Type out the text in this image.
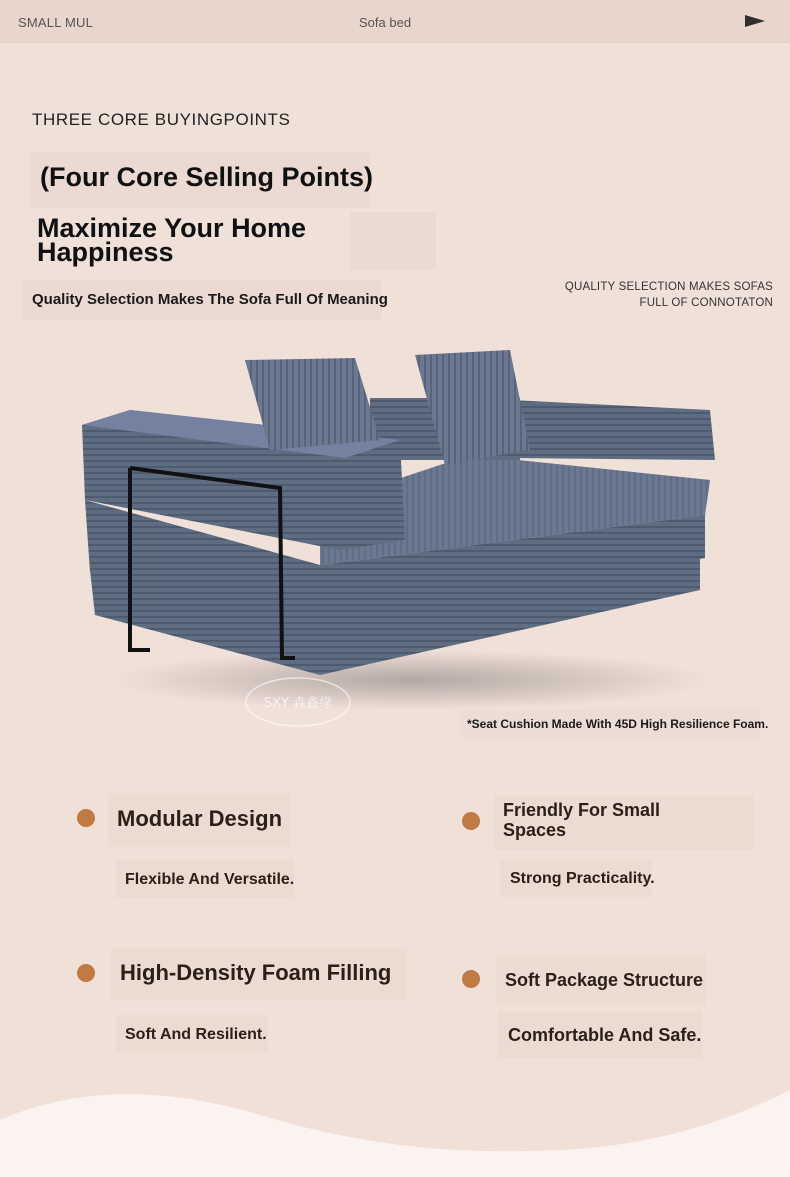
SMALL MUL	Sofa bed
THREE CORE BUYINGPOINTS
(Four Core Selling Points)
Maximize Your Home Happiness
Quality Selection Makes The Sofa Full Of Meaning
QUALITY SELECTION MAKES SOFAS
FULL OF CONNOTATON
SXY 森鑫缘
*Seat Cushion Made With 45D High Resilience Foam.
Modular Design
Flexible And Versatile.
Friendly For Small Spaces
Strong Practicality.
High-Density Foam Filling
Soft And Resilient.
Soft Package Structure
Comfortable And Safe.
